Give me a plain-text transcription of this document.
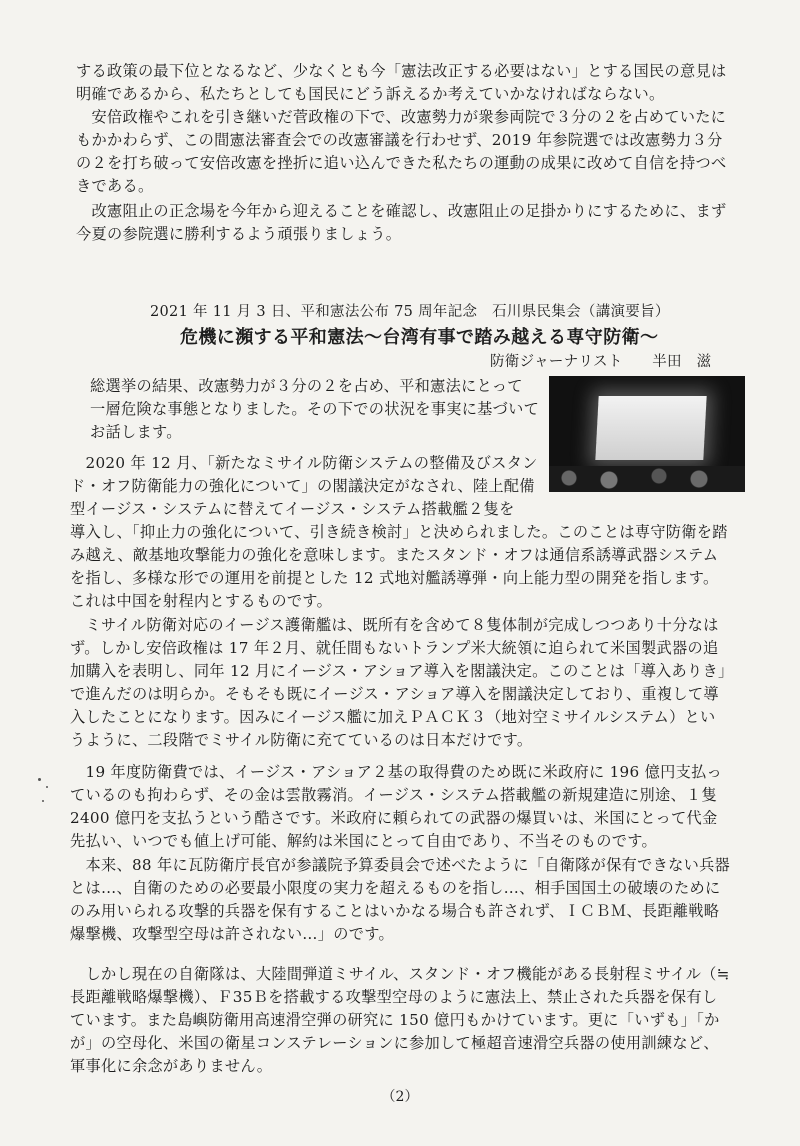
する政策の最下位となるなど、少なくとも今「憲法改正する必要はない」とする国民の意見は
明確であるから、私たちとしても国民にどう訴えるか考えていかなければならない。

　安倍政権やこれを引き継いだ菅政権の下で、改憲勢力が衆参両院で３分の２を占めていたに
もかかわらず、この間憲法審査会での改憲審議を行わせず、2019 年参院選では改憲勢力３分
の２を打ち破って安倍改憲を挫折に追い込んできた私たちの運動の成果に改めて自信を持つべ
きである。

　改憲阻止の正念場を今年から迎えることを確認し、改憲阻止の足掛かりにするために、まず
今夏の参院選に勝利するよう頑張りましょう。

2021 年 11 月 3 日、平和憲法公布 75 周年記念　石川県民集会（講演要旨）
危機に瀕する平和憲法～台湾有事で踏み越える専守防衛～
防衛ジャーナリスト　　半田　滋

総選挙の結果、改憲勢力が３分の２を占め、平和憲法にとって
一層危険な事態となりました。その下での状況を事実に基づいて
お話します。

　2020 年 12 月、「新たなミサイル防衛システムの整備及びスタン
ド・オフ防衛能力の強化について」の閣議決定がなされ、陸上配備
型イージス・システムに替えてイージス・システム搭載艦２隻を

導入し、「抑止力の強化について、引き続き検討」と決められました。このことは専守防衛を踏
み越え、敵基地攻撃能力の強化を意味します。またスタンド・オフは通信系誘導武器システム
を指し、多様な形での運用を前提とした 12 式地対艦誘導弾・向上能力型の開発を指します。
これは中国を射程内とするものです。

　ミサイル防衛対応のイージス護衛艦は、既所有を含めて８隻体制が完成しつつあり十分なは
ず。しかし安倍政権は 17 年２月、就任間もないトランプ米大統領に迫られて米国製武器の追
加購入を表明し、同年 12 月にイージス・アショア導入を閣議決定。このことは「導入ありき」
で進んだのは明らか。そもそも既にイージス・アショア導入を閣議決定しており、重複して導
入したことになります。因みにイージス艦に加えＰＡＣＫ３（地対空ミサイルシステム）とい
うように、二段階でミサイル防衛に充てているのは日本だけです。

　19 年度防衛費では、イージス・アショア２基の取得費のため既に米政府に 196 億円支払っ
ているのも拘わらず、その金は雲散霧消。イージス・システム搭載艦の新規建造に別途、１隻
2400 億円を支払うという酷さです。米政府に頼られての武器の爆買いは、米国にとって代金
先払い、いつでも値上げ可能、解約は米国にとって自由であり、不当そのものです。

　本来、88 年に瓦防衛庁長官が参議院予算委員会で述べたように「自衛隊が保有できない兵器
とは…、自衛のための必要最小限度の実力を超えるものを指し…、相手国国土の破壊のために
のみ用いられる攻撃的兵器を保有することはいかなる場合も許されず、ＩＣＢＭ、長距離戦略
爆撃機、攻撃型空母は許されない…」のです。

　しかし現在の自衛隊は、大陸間弾道ミサイル、スタンド・オフ機能がある長射程ミサイル（≒
長距離戦略爆撃機）、Ｆ35Ｂを搭載する攻撃型空母のように憲法上、禁止された兵器を保有し
ています。また島嶼防衛用高速滑空弾の研究に 150 億円もかけています。更に「いずも」「か
が」の空母化、米国の衛星コンステレーションに参加して極超音速滑空兵器の使用訓練など、
軍事化に余念がありません。

（2）
